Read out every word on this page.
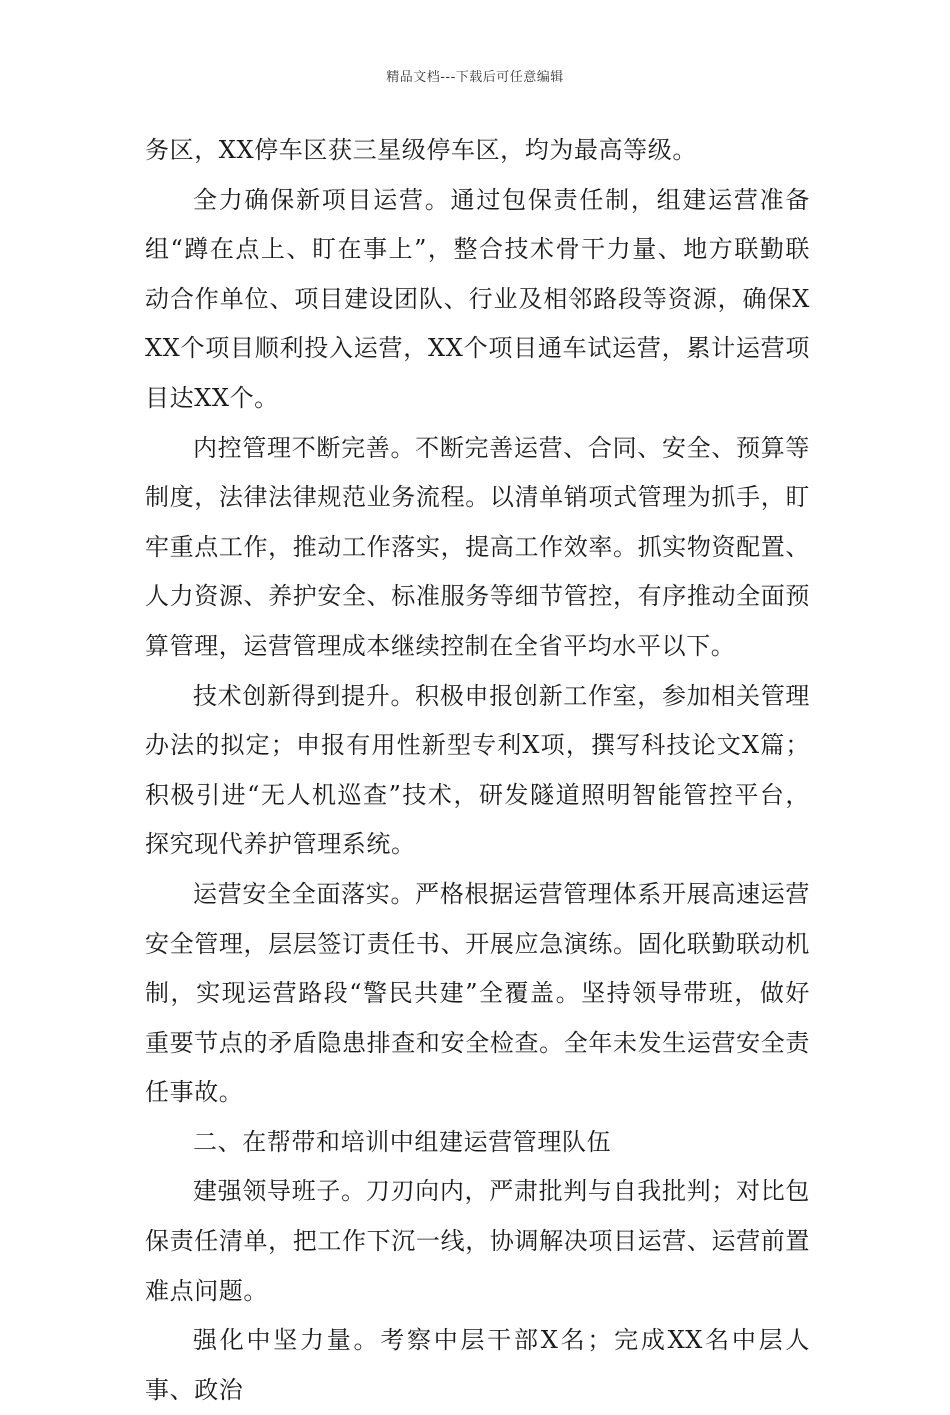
精品文档---下载后可任意编辑

务区，XX停车区获三星级停车区，均为最高等级。

全力确保新项目运营。通过包保责任制，组建运营准备组“蹲在点上、盯在事上”，整合技术骨干力量、地方联勤联动合作单位、项目建设团队、行业及相邻路段等资源，确保XXX个项目顺利投入运营，XX个项目通车试运营，累计运营项目达XX个。

内控管理不断完善。不断完善运营、合同、安全、预算等制度，法律法律规范业务流程。以清单销项式管理为抓手，盯牢重点工作，推动工作落实，提高工作效率。抓实物资配置、人力资源、养护安全、标准服务等细节管控，有序推动全面预算管理，运营管理成本继续控制在全省平均水平以下。

技术创新得到提升。积极申报创新工作室，参加相关管理办法的拟定；申报有用性新型专利X项，撰写科技论文X篇；积极引进“无人机巡查”技术，研发隧道照明智能管控平台，探究现代养护管理系统。

运营安全全面落实。严格根据运营管理体系开展高速运营安全管理，层层签订责任书、开展应急演练。固化联勤联动机制，实现运营路段“警民共建”全覆盖。坚持领导带班，做好重要节点的矛盾隐患排查和安全检查。全年未发生运营安全责任事故。

二、在帮带和培训中组建运营管理队伍

建强领导班子。刀刃向内，严肃批判与自我批判；对比包保责任清单，把工作下沉一线，协调解决项目运营、运营前置难点问题。

强化中坚力量。考察中层干部X名；完成XX名中层人事、政治
